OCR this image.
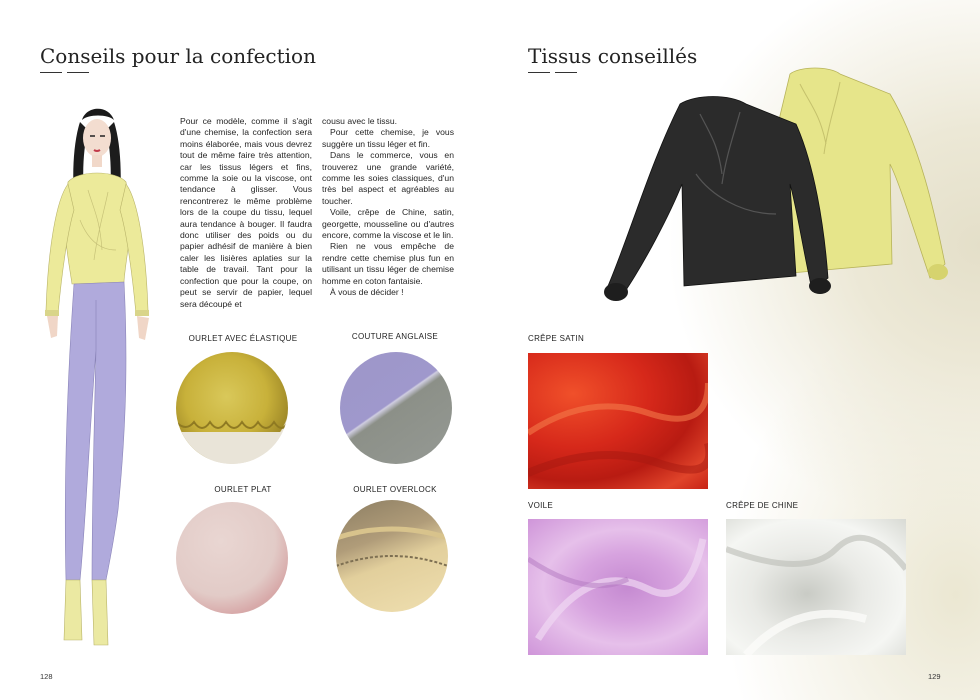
Conseils pour la confection

Pour ce modèle, comme il s'agit d'une chemise, la confection sera moins élaborée, mais vous devrez tout de même faire très attention, car les tissus légers et fins, comme la soie ou la viscose, ont tendance à glisser. Vous rencontrerez le même problème lors de la coupe du tissu, lequel aura tendance à bouger. Il faudra donc utiliser des poids ou du papier adhésif de manière à bien caler les lisières aplaties sur la table de travail. Tant pour la confection que pour la coupe, on peut se servir de papier, lequel sera découpé et

cousu avec le tissu.

Pour cette chemise, je vous suggère un tissu léger et fin.

Dans le commerce, vous en trouverez une grande variété, comme les soies classiques, d'un très bel aspect et agréables au toucher.

Voile, crêpe de Chine, satin, georgette, mousseline ou d'autres encore, comme la viscose et le lin.

Rien ne vous empêche de rendre cette chemise plus fun en utilisant un tissu léger de chemise homme en coton fantaisie.

À vous de décider !

OURLET AVEC ÉLASTIQUE	COUTURE ANGLAISE
OURLET PLAT	OURLET OVERLOCK
128
Tissus conseillés
CRÊPE SATIN
VOILE	CRÊPE DE CHINE
129
